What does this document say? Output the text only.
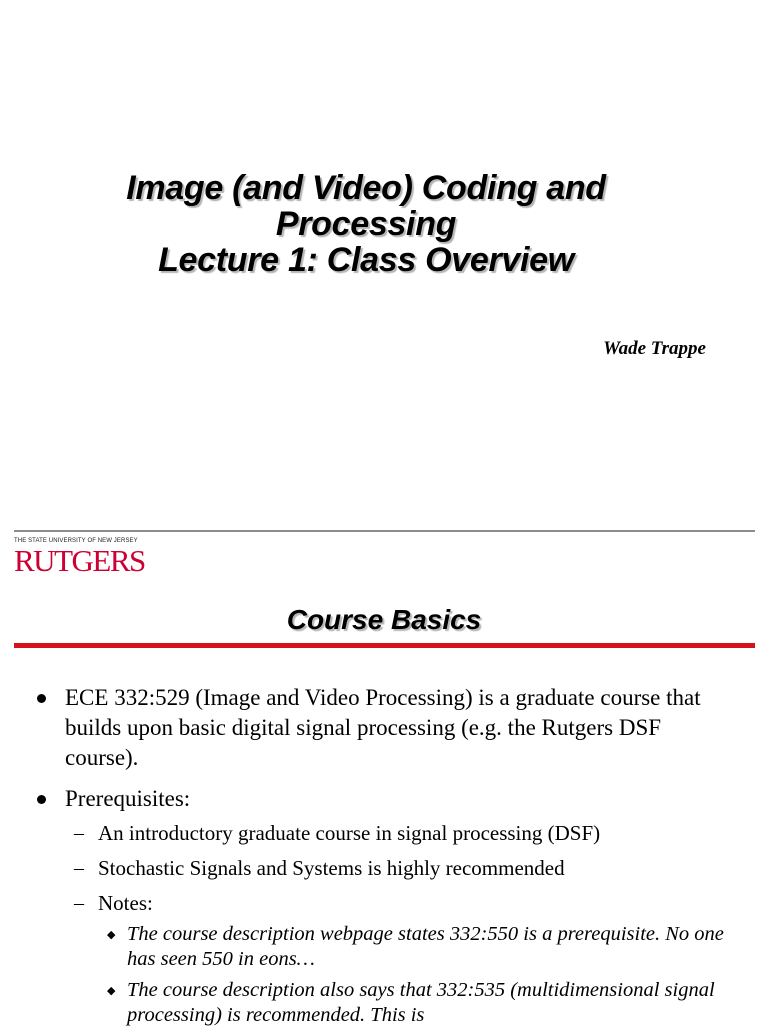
Image (and Video) Coding and
Processing
Lecture 1: Class Overview
Wade Trappe
THE STATE UNIVERSITY OF NEW JERSEY
RUTGERS
Course Basics
ECE 332:529 (Image and Video Processing) is a graduate course that builds upon basic digital signal processing (e.g. the Rutgers DSF course).
Prerequisites:
– An introductory graduate course in signal processing (DSF)
– Stochastic Signals and Systems is highly recommended
– Notes:
◆ The course description webpage states 332:550 is a prerequisite. No one has seen 550 in eons…
◆ The course description also says that 332:535 (multidimensional signal processing) is recommended. This is
